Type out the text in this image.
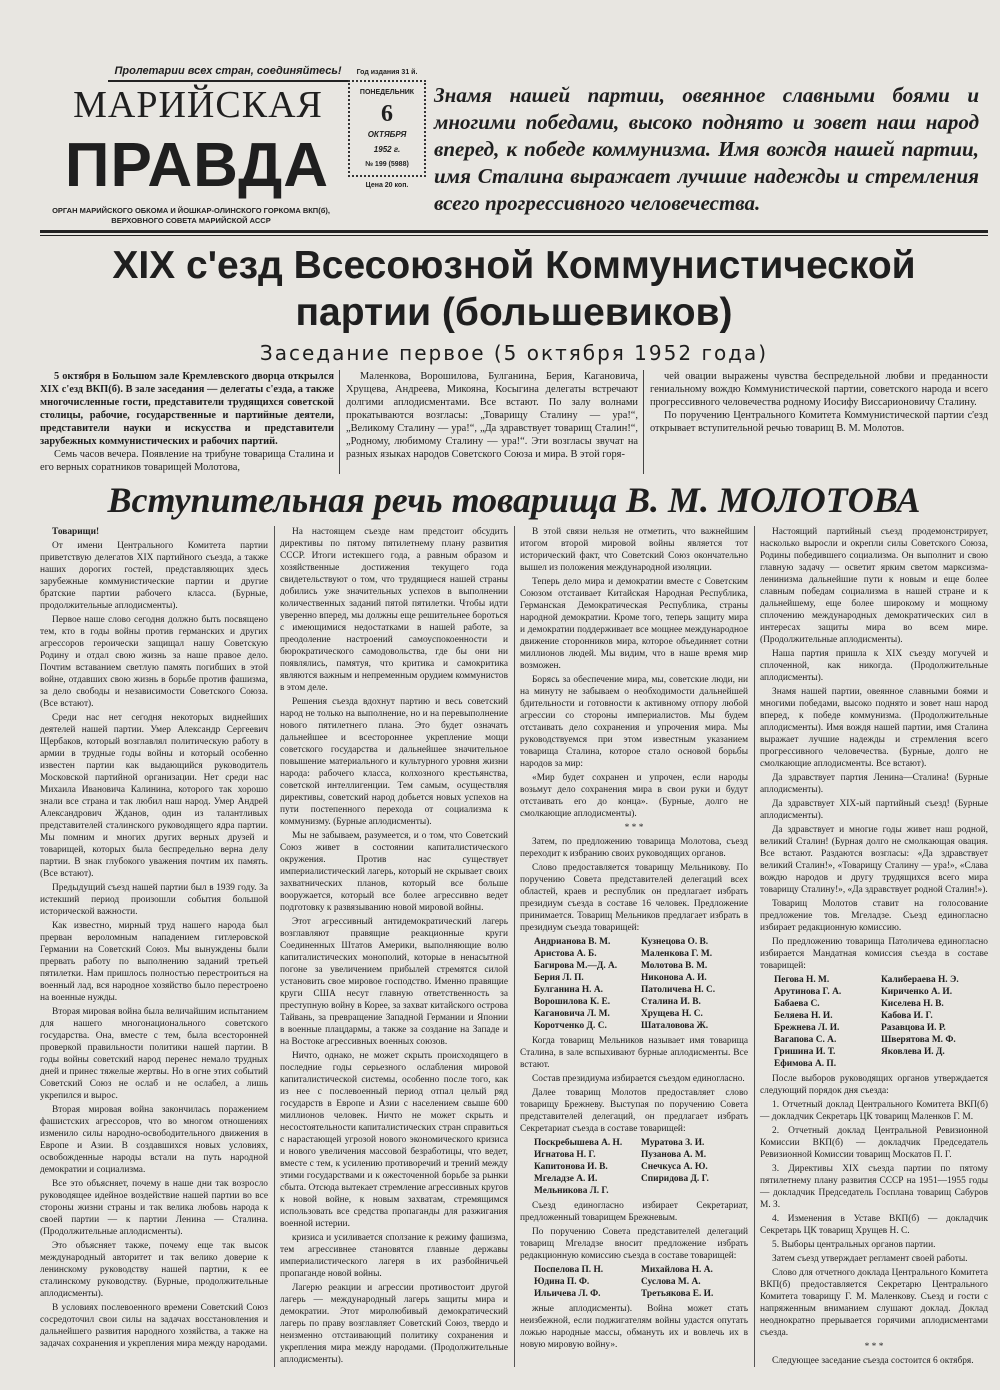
Пролетарии всех стран, соединяйтесь!
МАРИЙСКАЯ
ПРАВДА
ОРГАН МАРИЙСКОГО ОБКОМА И ЙОШКАР-ОЛИНСКОГО ГОРКОМА ВКП(б),
ВЕРХОВНОГО СОВЕТА МАРИЙСКОЙ АССР
Год издания 31 й.
ПОНЕДЕЛЬНИК
6
ОКТЯБРЯ
1952 г.
№ 199 (5988)
Цена 20 коп.
Знамя нашей партии, овеянное славными боями и многими победами, высоко поднято и зовет наш народ вперед, к победе коммунизма. Имя вождя нашей партии, имя Сталина выражает лучшие надежды и стремления всего прогрессивного человечества.
XIX с'езд Всесоюзной Коммунистической
партии (большевиков)
Заседание первое (5 октября 1952 года)

5 октября в Большом зале Кремлевского дворца открылся XIX с'езд ВКП(б). В зале заседания — делегаты с'езда, а также многочисленные гости, представители трудящихся советской столицы, рабочие, государственные и партийные деятели, представители науки и искусства и представители зарубежных коммунистических и рабочих партий.

Семь часов вечера. Появление на трибуне товарища Сталина и его верных соратников товарищей Молотова,

Маленкова, Ворошилова, Булганина, Берия, Кагановича, Хрущева, Андреева, Микояна, Косыгина делегаты встречают долгими аплодисментами. Все встают. По залу волнами прокатываются возгласы: „Товарищу Сталину — ура!“, „Великому Сталину — ура!“, „Да здравствует товарищ Сталин!“, „Родному, любимому Сталину — ура!“. Эти возгласы звучат на разных языках народов Советского Союза и мира. В этой горя-

чей овации выражены чувства беспредельной любви и преданности гениальному вождю Коммунистической партии, советского народа и всего прогрессивного человечества родному Иосифу Виссарионовичу Сталину.

По поручению Центрального Комитета Коммунистической партии с'езд открывает вступительной речью товарищ В. М. Молотов.

Вступительная речь товарища В. М. МОЛОТОВА

Товарищи!

От имени Центрального Комитета партии приветствую делегатов XIX партийного съезда, а также наших дорогих гостей, представляющих здесь зарубежные коммунистические партии и другие братские партии рабочего класса. (Бурные, продолжительные аплодисменты).

Первое наше слово сегодня должно быть посвящено тем, кто в годы войны против германских и других агрессоров героически защищал нашу Советскую Родину и отдал свою жизнь за наше правое дело. Почтим вставанием светлую память погибших в этой войне, отдавших свою жизнь в борьбе против фашизма, за дело свободы и независимости Советского Союза. (Все встают).

Среди нас нет сегодня некоторых виднейших деятелей нашей партии. Умер Александр Сергеевич Щербаков, который возглавлял политическую работу в армии в трудные годы войны и который особенно известен партии как выдающийся руководитель Московской партийной организации. Нет среди нас Михаила Ивановича Калинина, которого так хорошо знали все страна и так любил наш народ. Умер Андрей Александрович Жданов, один из талантливых представителей сталинского руководящего ядра партии. Мы помним и многих других верных друзей и товарищей, которых была беспредельно верна делу партии. В знак глубокого уважения почтим их память. (Все встают).

Предыдущий съезд нашей партии был в 1939 году. За истекший период произошли события большой исторической важности.

Как известно, мирный труд нашего народа был прерван вероломным нападением гитлеровской Германии на Советский Союз. Мы вынуждены были прервать работу по выполнению заданий третьей пятилетки. Нам пришлось полностью перестроиться на военный лад, вся народное хозяйство было перестроено на военные нужды.

Вторая мировая война была величайшим испытанием для нашего многонационального советского государства. Она, вместе с тем, была всесторонней проверкой правильности политики нашей партии. В годы войны советский народ перенес немало трудных дней и принес тяжелые жертвы. Но в огне этих событий Советский Союз не ослаб и не ослабел, а лишь укрепился и вырос.

Вторая мировая война закончилась поражением фашистских агрессоров, что во многом отношениях изменило силы народно-освободительного движения в Европе и Азии. В создавшихся новых условиях, освобожденные народы встали на путь народной демократии и социализма.

Все это объясняет, почему в наше дни так возросло руководящее идейное воздействие нашей партии во все стороны жизни страны и так велика любовь народа к своей партии — к партии Ленина — Сталина. (Продолжительные аплодисменты).

Это объясняет также, почему еще так высок международный авторитет и так велико доверие к ленинскому руководству нашей партии, к ее сталинскому руководству. (Бурные, продолжительные аплодисменты).

В условиях послевоенного времени Советский Союз сосредоточил свои силы на задачах восстановления и дальнейшего развития народного хозяйства, а также на задачах сохранения и укрепления мира между народами.

На настоящем съезде нам предстоит обсудить директивы по пятому пятилетнему плану развития СССР. Итоги истекшего года, а равным образом и хозяйственные достижения текущего года свидетельствуют о том, что трудящиеся нашей страны добились уже значительных успехов в выполнении количественных заданий пятой пятилетки. Чтобы идти уверенно вперед, мы должны еще решительнее бороться с имеющимися недостатками в нашей работе, за преодоление настроений самоуспокоенности и бюрократического самодовольства, где бы они ни появлялись, памятуя, что критика и самокритика являются важным и непременным орудием коммунистов в этом деле.

Решения съезда вдохнут партию и весь советский народ не только на выполнение, но и на перевыполнение нового пятилетнего плана. Это будет означать дальнейшее и всестороннее укрепление мощи советского государства и дальнейшее значительное повышение материального и культурного уровня жизни народа: рабочего класса, колхозного крестьянства, советской интеллигенции. Тем самым, осуществляя директивы, советский народ добьется новых успехов на пути постепенного перехода от социализма к коммунизму. (Бурные аплодисменты).

Мы не забываем, разумеется, и о том, что Советский Союз живет в состоянии капиталистического окружения. Против нас существует империалистический лагерь, который не скрывает своих захватнических планов, который все больше вооружается, который все более агрессивно ведет подготовку к развязыванию новой мировой войны.

Этот агрессивный антидемократический лагерь возглавляют правящие реакционные круги Соединенных Штатов Америки, выполняющие волю капиталистических монополий, которые в ненасытной погоне за увеличением прибылей стремятся силой установить свое мировое господство. Именно правящие круги США несут главную ответственность за преступную войну в Корее, за захват китайского острова Тайвань, за превращение Западной Германии и Японии в военные плацдармы, а также за создание на Западе и на Востоке агрессивных военных союзов.

Ничто, однако, не может скрыть происходящего в последние годы серьезного ослабления мировой капиталистической системы, особенно после того, как из нее с послевоенный период отпал целый ряд государств в Европе и Азии с населением свыше 600 миллионов человек. Ничто не может скрыть и несостоятельности капиталистических стран справиться с нарастающей угрозой нового экономического кризиса и нового увеличения массовой безработицы, что ведет, вместе с тем, к усилению противоречий и трений между этими государствами и к ожесточенной борьбе за рынки сбыта. Отсюда вытекает стремление агрессивных кругов к новой войне, к новым захватам, стремящимся использовать все средства пропаганды для разжигания военной истерии.

кризиса и усиливается сползание к режиму фашизма, тем агрессивнее становятся главные державы империалистического лагеря в их разбойничьей пропаганде новой войны.

Лагерю реакции и агрессии противостоит другой лагерь — международный лагерь защиты мира и демократии. Этот миролюбивый демократический лагерь по праву возглавляет Советский Союз, твердо и неизменно отстаивающий политику сохранения и укрепления мира между народами. (Продолжительные аплодисменты).

В этой связи нельзя не отметить, что важнейшим итогом второй мировой войны является тот исторический факт, что Советский Союз окончательно вышел из положения международной изоляции.

Теперь дело мира и демократии вместе с Советским Союзом отстаивает Китайская Народная Республика, Германская Демократическая Республика, страны народной демократии. Кроме того, теперь защиту мира и демократии поддерживает все мощнее международное движение сторонников мира, которое объединяет сотни миллионов людей. Мы видим, что в наше время мир возможен.

Борясь за обеспечение мира, мы, советские люди, ни на минуту не забываем о необходимости дальнейшей бдительности и готовности к активному отпору любой агрессии со стороны империалистов. Мы будем отстаивать дело сохранения и упрочения мира. Мы руководствуемся при этом известным указанием товарища Сталина, которое стало основой борьбы народов за мир:

«Мир будет сохранен и упрочен, если народы возьмут дело сохранения мира в свои руки и будут отстаивать его до конца». (Бурные, долго не смолкающие аплодисменты).

* * *

Затем, по предложению товарища Молотова, съезд переходит к избранию своих руководящих органов.

Слово предоставляется товарищу Мельникову. По поручению Совета представителей делегаций всех областей, краев и республик он предлагает избрать президиум съезда в составе 16 человек. Предложение принимается. Товарищ Мельников предлагает избрать в президиум съезда товарищей:

Андрианова В. М.	Кузнецова О. В.
Аристова А. Б.	Маленкова Г. М.
Багирова М.—Д. А.	Молотова В. М.
Берия Л. П.	Никонова А. И.
Булганина Н. А.	Патоличева Н. С.
Ворошилова К. Е.	Сталина И. В.
Кагановича Л. М.	Хрущева Н. С.
Коротченко Д. С.	Шаталовова Ж.

Когда товарищ Мельников называет имя товарища Сталина, в зале вспыхивают бурные аплодисменты. Все встают.

Состав президиума избирается съездом единогласно.

Далее товарищ Молотов предоставляет слово товарищу Брежневу. Выступая по поручению Совета представителей делегаций, он предлагает избрать Секретариат съезда в составе товарищей:

Поскребышева А. Н.	Муратова З. И.
Игнатова Н. Г.	Пузанова А. М.
Капитонова И. В.	Снечкуса А. Ю.
Мгеладзе А. И.	Спиридова Д. Г.
Мельникова Л. Г.

Съезд единогласно избирает Секретариат, предложенный товарищем Брежневым.

По поручению Совета представителей делегаций товарищ Мгеладзе вносит предложение избрать редакционную комиссию съезда в составе товарищей:

Поспелова П. Н.	Михайлова Н. А.
Юдина П. Ф.	Суслова М. А.
Ильичева Л. Ф.	Третьякова Е. И.

жные аплодисменты). Война может стать неизбежной, если поджигателям войны удастся опутать ложью народные массы, обмануть их и вовлечь их в новую мировую войну».

Настоящий партийный съезд продемонстрирует, насколько выросли и окрепли силы Советского Союза, Родины победившего социализма. Он выполнит и свою главную задачу — осветит ярким светом марксизма-ленинизма дальнейшие пути к новым и еще более славным победам социализма в нашей стране и к дальнейшему, еще более широкому и мощному сплочению международных демократических сил в интересах защиты мира во всем мире. (Продолжительные аплодисменты).

Наша партия пришла к XIX съезду могучей и сплоченной, как никогда. (Продолжительные аплодисменты).

Знамя нашей партии, овеянное славными боями и многими победами, высоко поднято и зовет наш народ вперед, к победе коммунизма. (Продолжительные аплодисменты). Имя вождя нашей партии, имя Сталина выражает лучшие надежды и стремления всего прогрессивного человечества. (Бурные, долго не смолкающие аплодисменты. Все встают).

Да здравствует партия Ленина—Сталина! (Бурные аплодисменты).

Да здравствует XIX-ый партийный съезд! (Бурные аплодисменты).

Да здравствует и многие годы живет наш родной, великий Сталин! (Бурная долго не смолкающая овация. Все встают. Раздаются возгласы: «Да здравствует великий Сталин!», «Товарищу Сталину — ура!», «Слава вождю народов и другу трудящихся всего мира товарищу Сталину!», «Да здравствует родной Сталин!»).

Товарищ Молотов ставит на голосование предложение тов. Мгеладзе. Съезд единогласно избирает редакционную комиссию.

По предложению товарища Патоличева единогласно избирается Мандатная комиссия съезда в составе товарищей:

Пегова Н. М.	Калибераева Н. Э.
Арутинова Г. А.	Кириченко А. И.
Бабаева С.	Киселева Н. В.
Беляева Н. И.	Кабова И. Г.
Брежнева Л. И.	Разавцова И. Р.
Вагапова С. А.	Шверятова М. Ф.
Гришина И. Т.	Яковлева И. Д.
Ефимова А. П.

После выборов руководящих органов утверждается следующий порядок дня съезда:

1. Отчетный доклад Центрального Комитета ВКП(б) — докладчик Секретарь ЦК товарищ Маленков Г. М.

2. Отчетный доклад Центральной Ревизионной Комиссии ВКП(б) — докладчик Председатель Ревизионной Комиссии товарищ Москатов П. Г.

3. Директивы XIX съезда партии по пятому пятилетнему плану развития СССР на 1951—1955 годы — докладчик Председатель Госплана товарищ Сабуров М. З.

4. Изменения в Уставе ВКП(б) — докладчик Секретарь ЦК товарищ Хрущев Н. С.

5. Выборы центральных органов партии.

Затем съезд утверждает регламент своей работы.

Слово для отчетного доклада Центрального Комитета ВКП(б) предоставляется Секретарю Центрального Комитета товарищу Г. М. Маленкову. Съезд и гости с напряженным вниманием слушают доклад. Доклад неоднократно прерывается горячими аплодисментами съезда.

* * *

Следующее заседание съезда состоится 6 октября.
